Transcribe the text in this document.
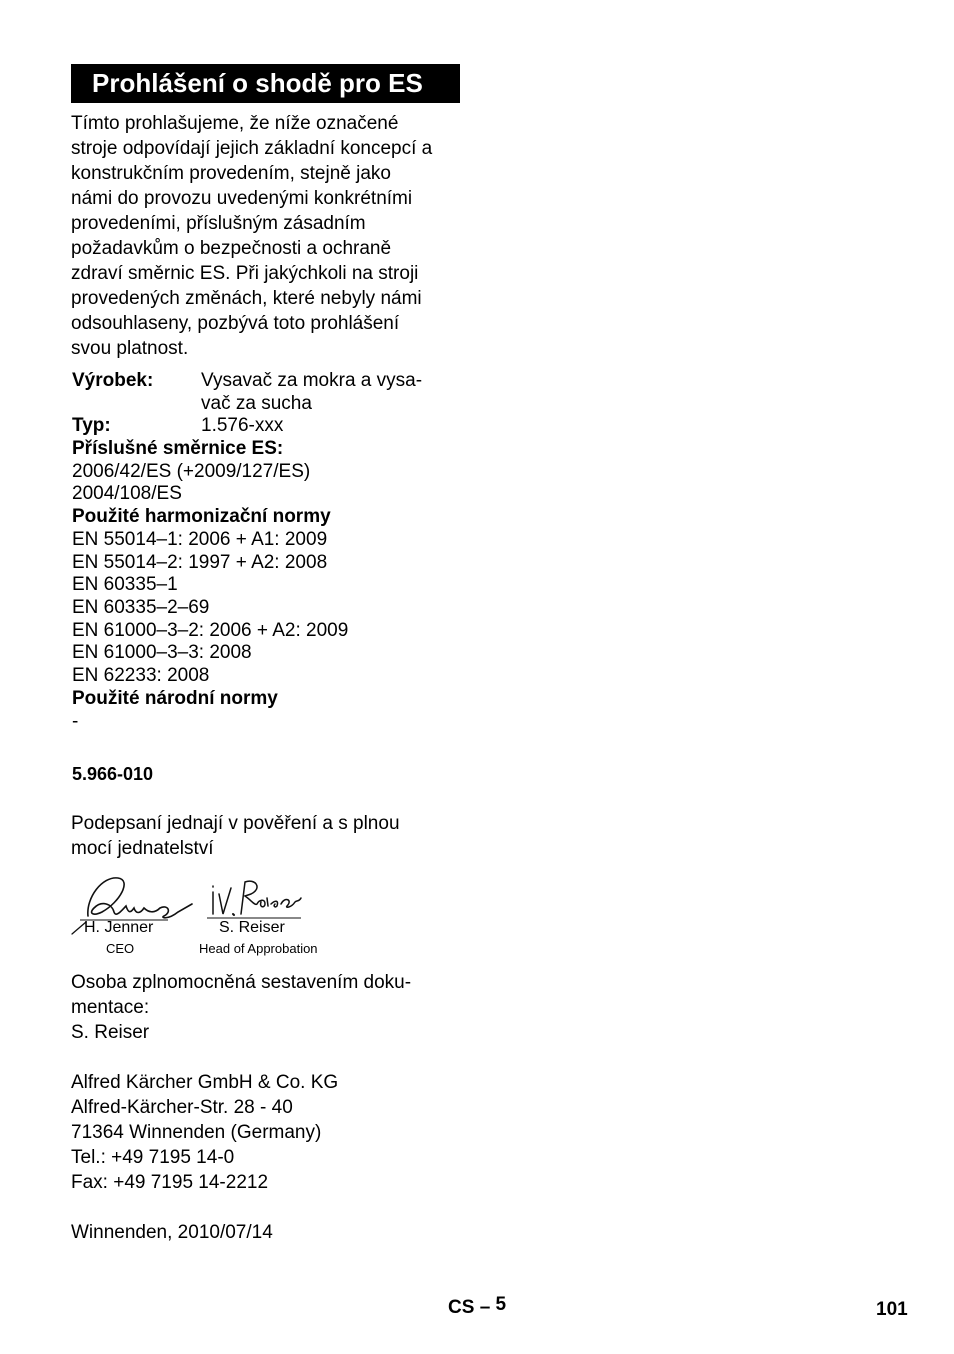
Prohlášení o shodě pro ES
Tímto prohlašujeme, že níže označené
stroje odpovídají jejich základní koncepcí a
konstrukčním provedením, stejně jako
námi do provozu uvedenými konkrétními
provedeními, příslušným zásadním
požadavkům o bezpečnosti a ochraně
zdraví směrnic ES. Při jakýchkoli na stroji
provedených změnách, které nebyly námi
odsouhlaseny, pozbývá toto prohlášení
svou platnost.
Výrobek:	Vysavač za mokra a vysa-
vač za sucha
Typ:	1.576-xxx
Příslušné směrnice ES:
2006/42/ES (+2009/127/ES)
2004/108/ES
Použité harmonizační normy
EN 55014–1: 2006 + A1: 2009
EN 55014–2: 1997 + A2: 2008
EN 60335–1
EN 60335–2–69
EN 61000–3–2: 2006 + A2: 2009
EN 61000–3–3: 2008
EN 62233: 2008
Použité národní normy
-
5.966-010
Podepsaní jednají v pověření a s plnou
mocí jednatelství
H. Jenner
CEO
S. Reiser
Head of Approbation
Osoba zplnomocněná sestavením doku-
mentace:
S. Reiser
Alfred Kärcher GmbH & Co. KG
Alfred-Kärcher-Str. 28 - 40
71364 Winnenden (Germany)
Tel.: +49 7195 14-0
Fax: +49 7195 14-2212
Winnenden, 2010/07/14
CS – 5	101
